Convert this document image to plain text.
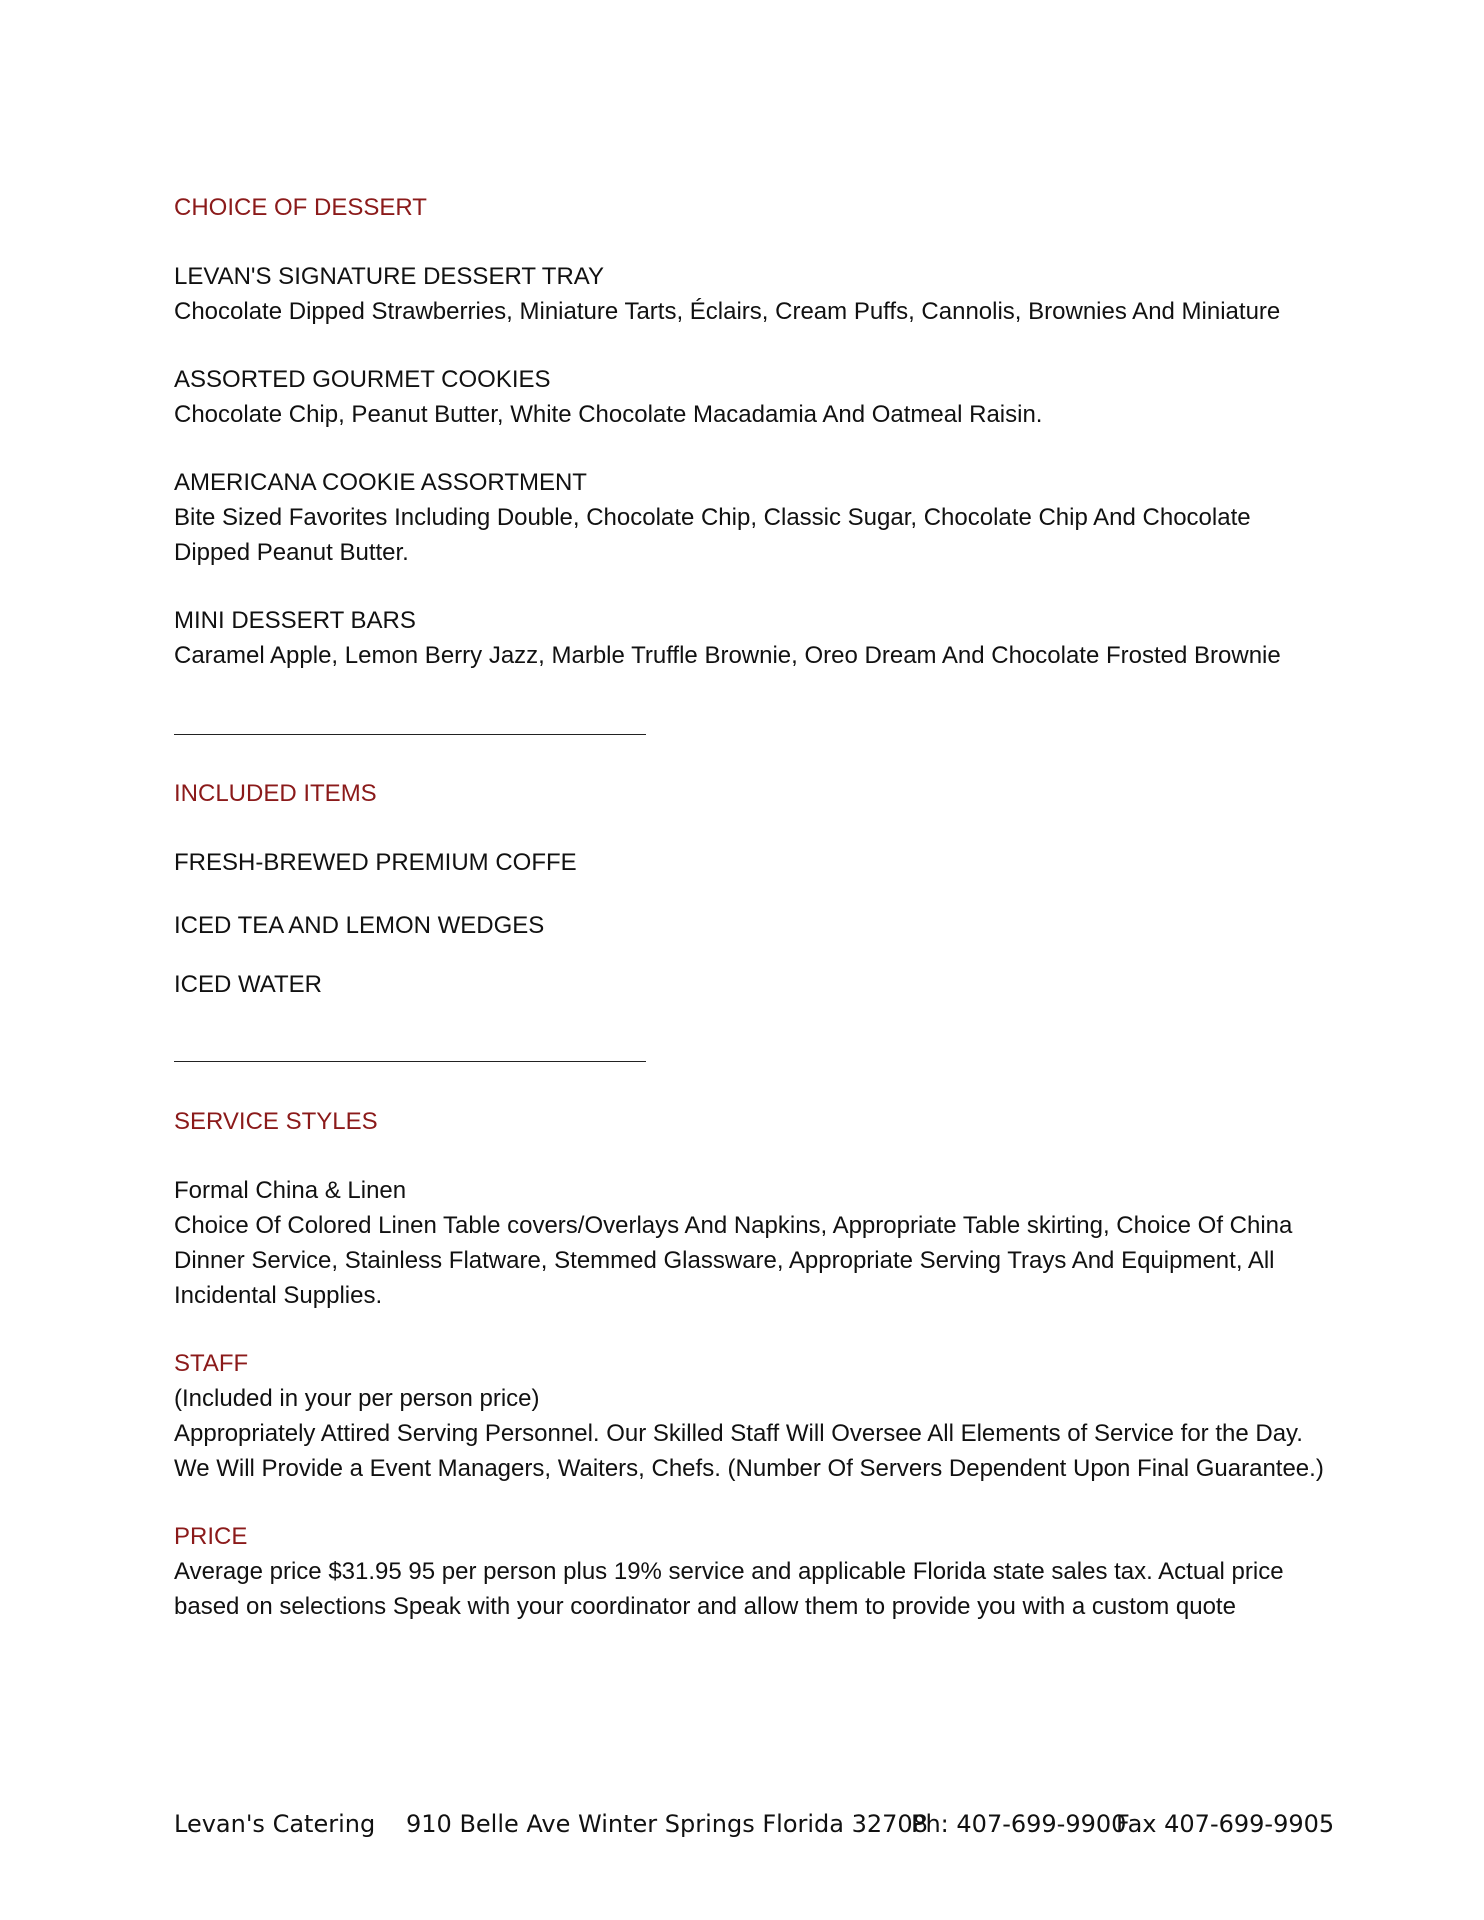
CHOICE OF DESSERT

LEVAN'S SIGNATURE DESSERT TRAY

Chocolate Dipped Strawberries, Miniature Tarts, Éclairs, Cream Puffs, Cannolis, Brownies And Miniature

ASSORTED GOURMET COOKIES

Chocolate Chip, Peanut Butter, White Chocolate Macadamia And Oatmeal Raisin.

AMERICANA COOKIE ASSORTMENT

Bite Sized Favorites Including Double, Chocolate Chip, Classic Sugar, Chocolate Chip And Chocolate

Dipped Peanut Butter.

MINI DESSERT BARS

Caramel Apple, Lemon Berry Jazz, Marble Truffle Brownie, Oreo Dream And Chocolate Frosted Brownie

INCLUDED ITEMS

FRESH-BREWED PREMIUM COFFE

ICED TEA AND LEMON WEDGES

ICED WATER

SERVICE STYLES

Formal China & Linen

Choice Of Colored Linen Table covers/Overlays And Napkins, Appropriate Table skirting, Choice Of China

Dinner Service, Stainless Flatware, Stemmed Glassware, Appropriate Serving Trays And Equipment, All

Incidental Supplies.

STAFF

(Included in your per person price)

Appropriately Attired Serving Personnel. Our Skilled Staff Will Oversee All Elements of Service for the Day.

We Will Provide a Event Managers, Waiters, Chefs. (Number Of Servers Dependent Upon Final Guarantee.)

PRICE

Average price $31.95 95 per person plus 19% service and applicable Florida state sales tax. Actual price

based on selections Speak with your coordinator and allow them to provide you with a custom quote

Levan's Catering 910 Belle Ave Winter Springs Florida 32708
Ph: 407-699-9900
Fax 407-699-9905
